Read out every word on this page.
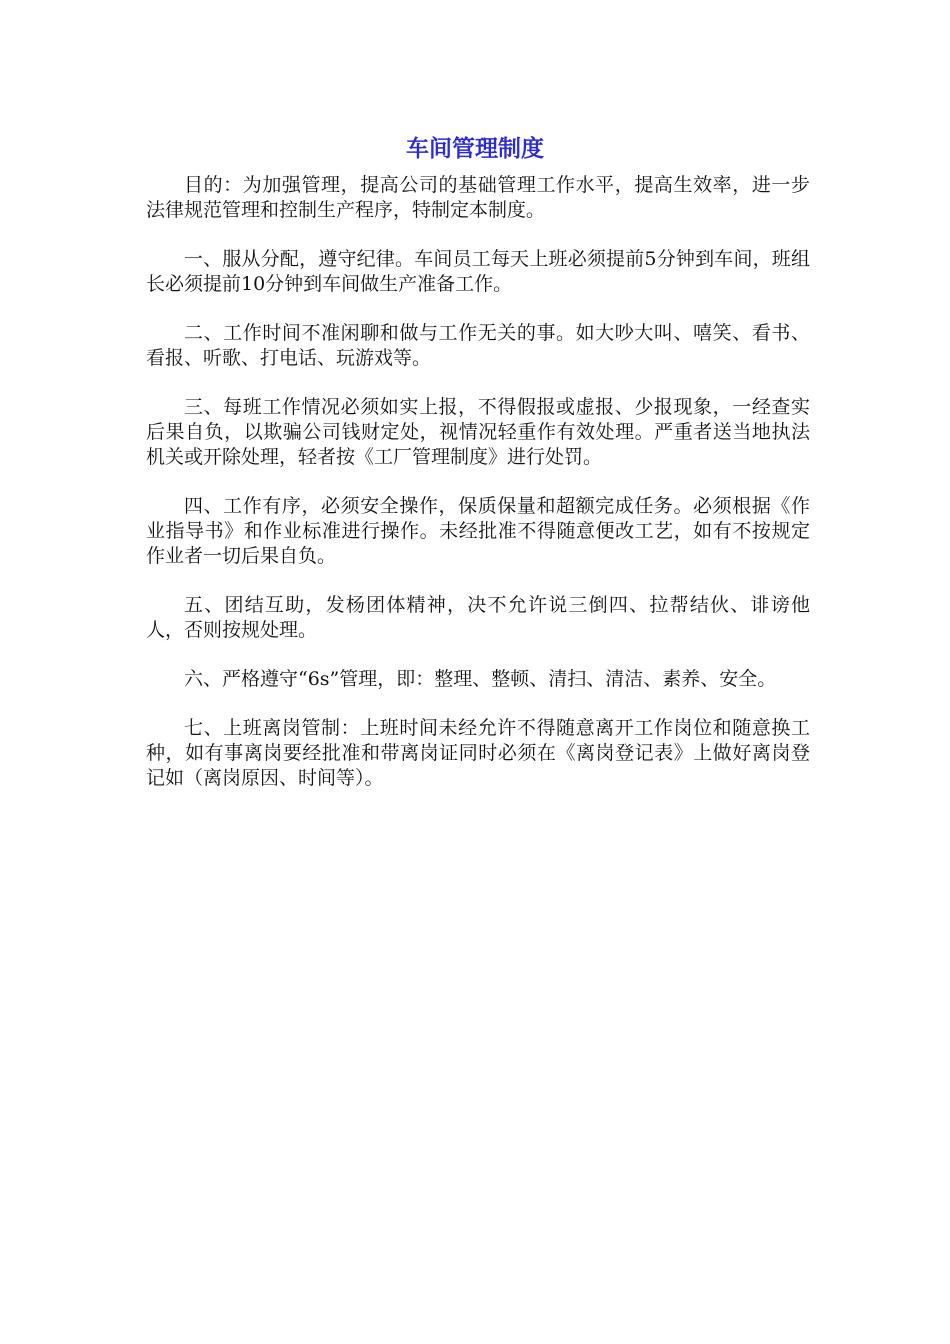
车间管理制度

目的：为加强管理，提高公司的基础管理工作水平，提高生效率，进一步法律规范管理和控制生产程序，特制定本制度。

一、服从分配，遵守纪律。车间员工每天上班必须提前5分钟到车间，班组长必须提前10分钟到车间做生产准备工作。

二、工作时间不准闲聊和做与工作无关的事。如大吵大叫、嘻笑、看书、看报、听歌、打电话、玩游戏等。

三、每班工作情况必须如实上报，不得假报或虚报、少报现象，一经查实后果自负，以欺骗公司钱财定处，视情况轻重作有效处理。严重者送当地执法机关或开除处理，轻者按《工厂管理制度》进行处罚。

四、工作有序，必须安全操作，保质保量和超额完成任务。必须根据《作业指导书》和作业标准进行操作。未经批准不得随意便改工艺，如有不按规定作业者一切后果自负。

五、团结互助，发杨团体精神，决不允许说三倒四、拉帮结伙、诽谤他人，否则按规处理。

六、严格遵守“6s”管理，即：整理、整顿、清扫、清洁、素养、安全。

七、上班离岗管制：上班时间未经允许不得随意离开工作岗位和随意换工种，如有事离岗要经批准和带离岗证同时必须在《离岗登记表》上做好离岗登记如（离岗原因、时间等）。
